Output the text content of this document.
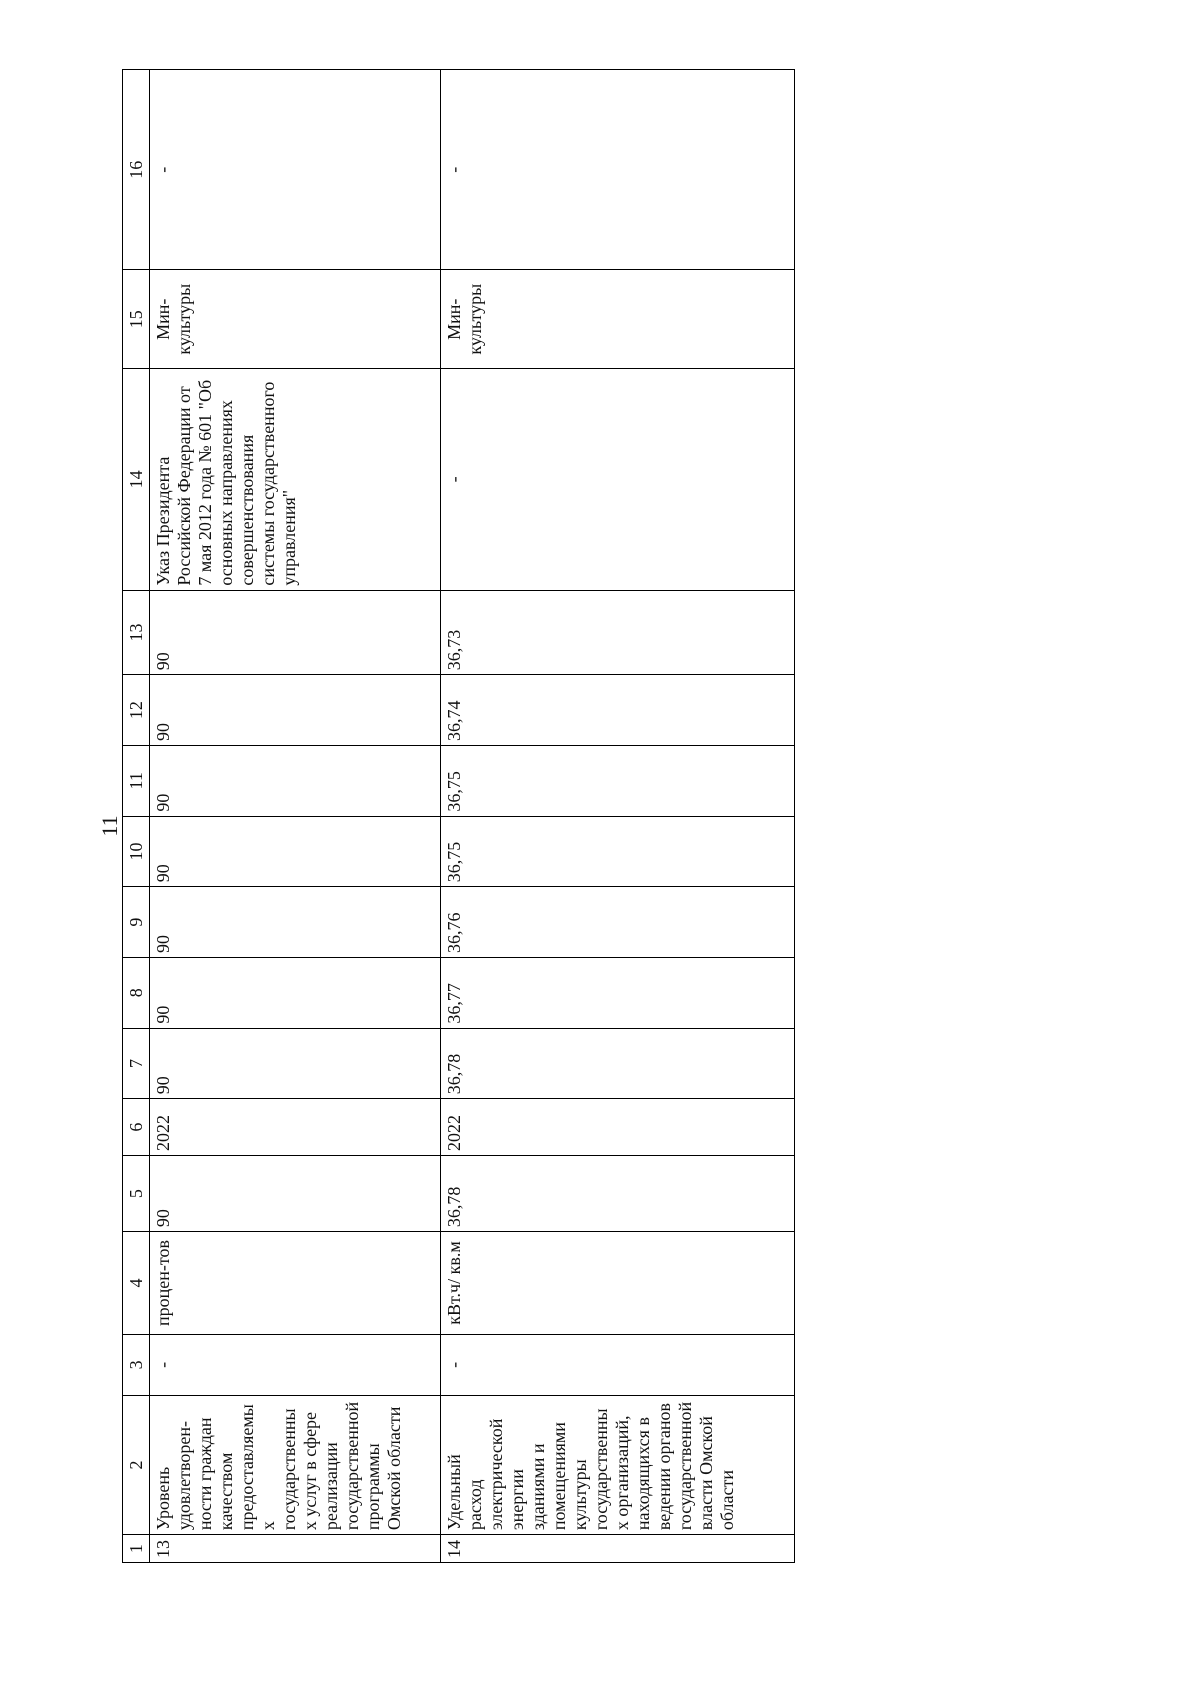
11
1	2	3	4	5	6	7	8	9	10	11	12	13	14	15	16
13	Уровень удовлетворен-ности граждан качеством предоставляемых государственных услуг в сфере реализации государственной программы Омской области	-	процен-тов	90	2022	90	90	90	90	90	90	90	Указ Президента Российской Федерации от 7 мая 2012 года № 601 "Об основных направлениях совершенствования системы государственного управления"	Мин-культуры	-
14	Удельный расход электрической энергии зданиями и помещениями культуры государственных организаций, находящихся в ведении органов государственной власти Омской области	-	кВт.ч/ кв.м	36,78	2022	36,78	36,77	36,76	36,75	36,75	36,74	36,73	-	Мин-культуры	-
